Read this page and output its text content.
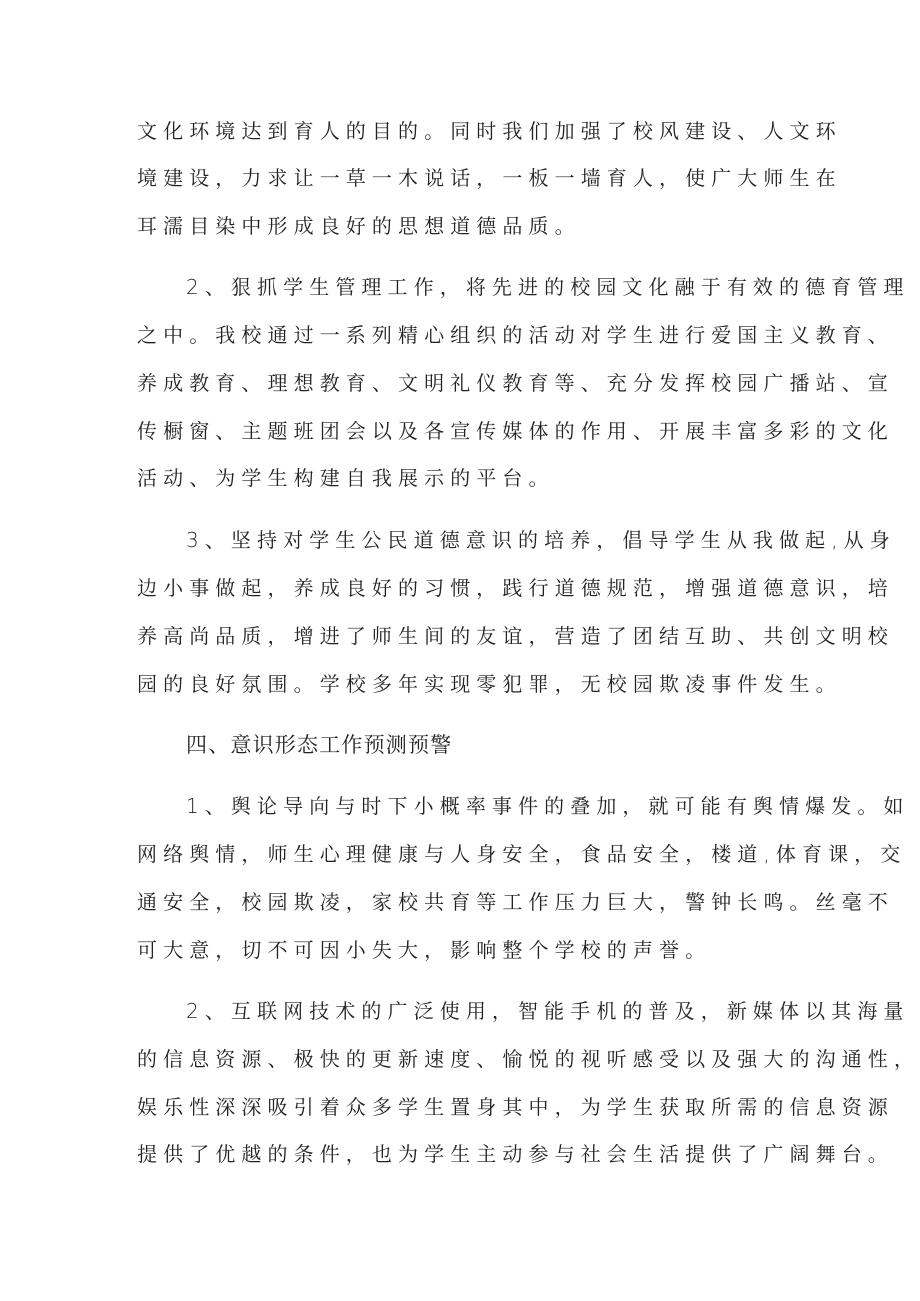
文化环境达到育人的目的。同时我们加强了校风建设、人文环
境建设，力求让一草一木说话，一板一墙育人，使广大师生在
耳濡目染中形成良好的思想道德品质。
2、狠抓学生管理工作，将先进的校园文化融于有效的德育管理
之中。我校通过一系列精心组织的活动对学生进行爱国主义教育、
养成教育、理想教育、文明礼仪教育等、充分发挥校园广播站、宣
传橱窗、主题班团会以及各宣传媒体的作用、开展丰富多彩的文化
活动、为学生构建自我展示的平台。
3、坚持对学生公民道德意识的培养，倡导学生从我做起,从身
边小事做起，养成良好的习惯，践行道德规范，增强道德意识，培
养高尚品质，增进了师生间的友谊，营造了团结互助、共创文明校
园的良好氛围。学校多年实现零犯罪，无校园欺凌事件发生。
四、意识形态工作预测预警
1、舆论导向与时下小概率事件的叠加，就可能有舆情爆发。如
网络舆情，师生心理健康与人身安全，食品安全，楼道,体育课，交
通安全，校园欺凌，家校共育等工作压力巨大，警钟长鸣。丝毫不
可大意，切不可因小失大，影响整个学校的声誉。
2、互联网技术的广泛使用，智能手机的普及，新媒体以其海量
的信息资源、极快的更新速度、愉悦的视听感受以及强大的沟通性，
娱乐性深深吸引着众多学生置身其中，为学生获取所需的信息资源
提供了优越的条件，也为学生主动参与社会生活提供了广阔舞台。
